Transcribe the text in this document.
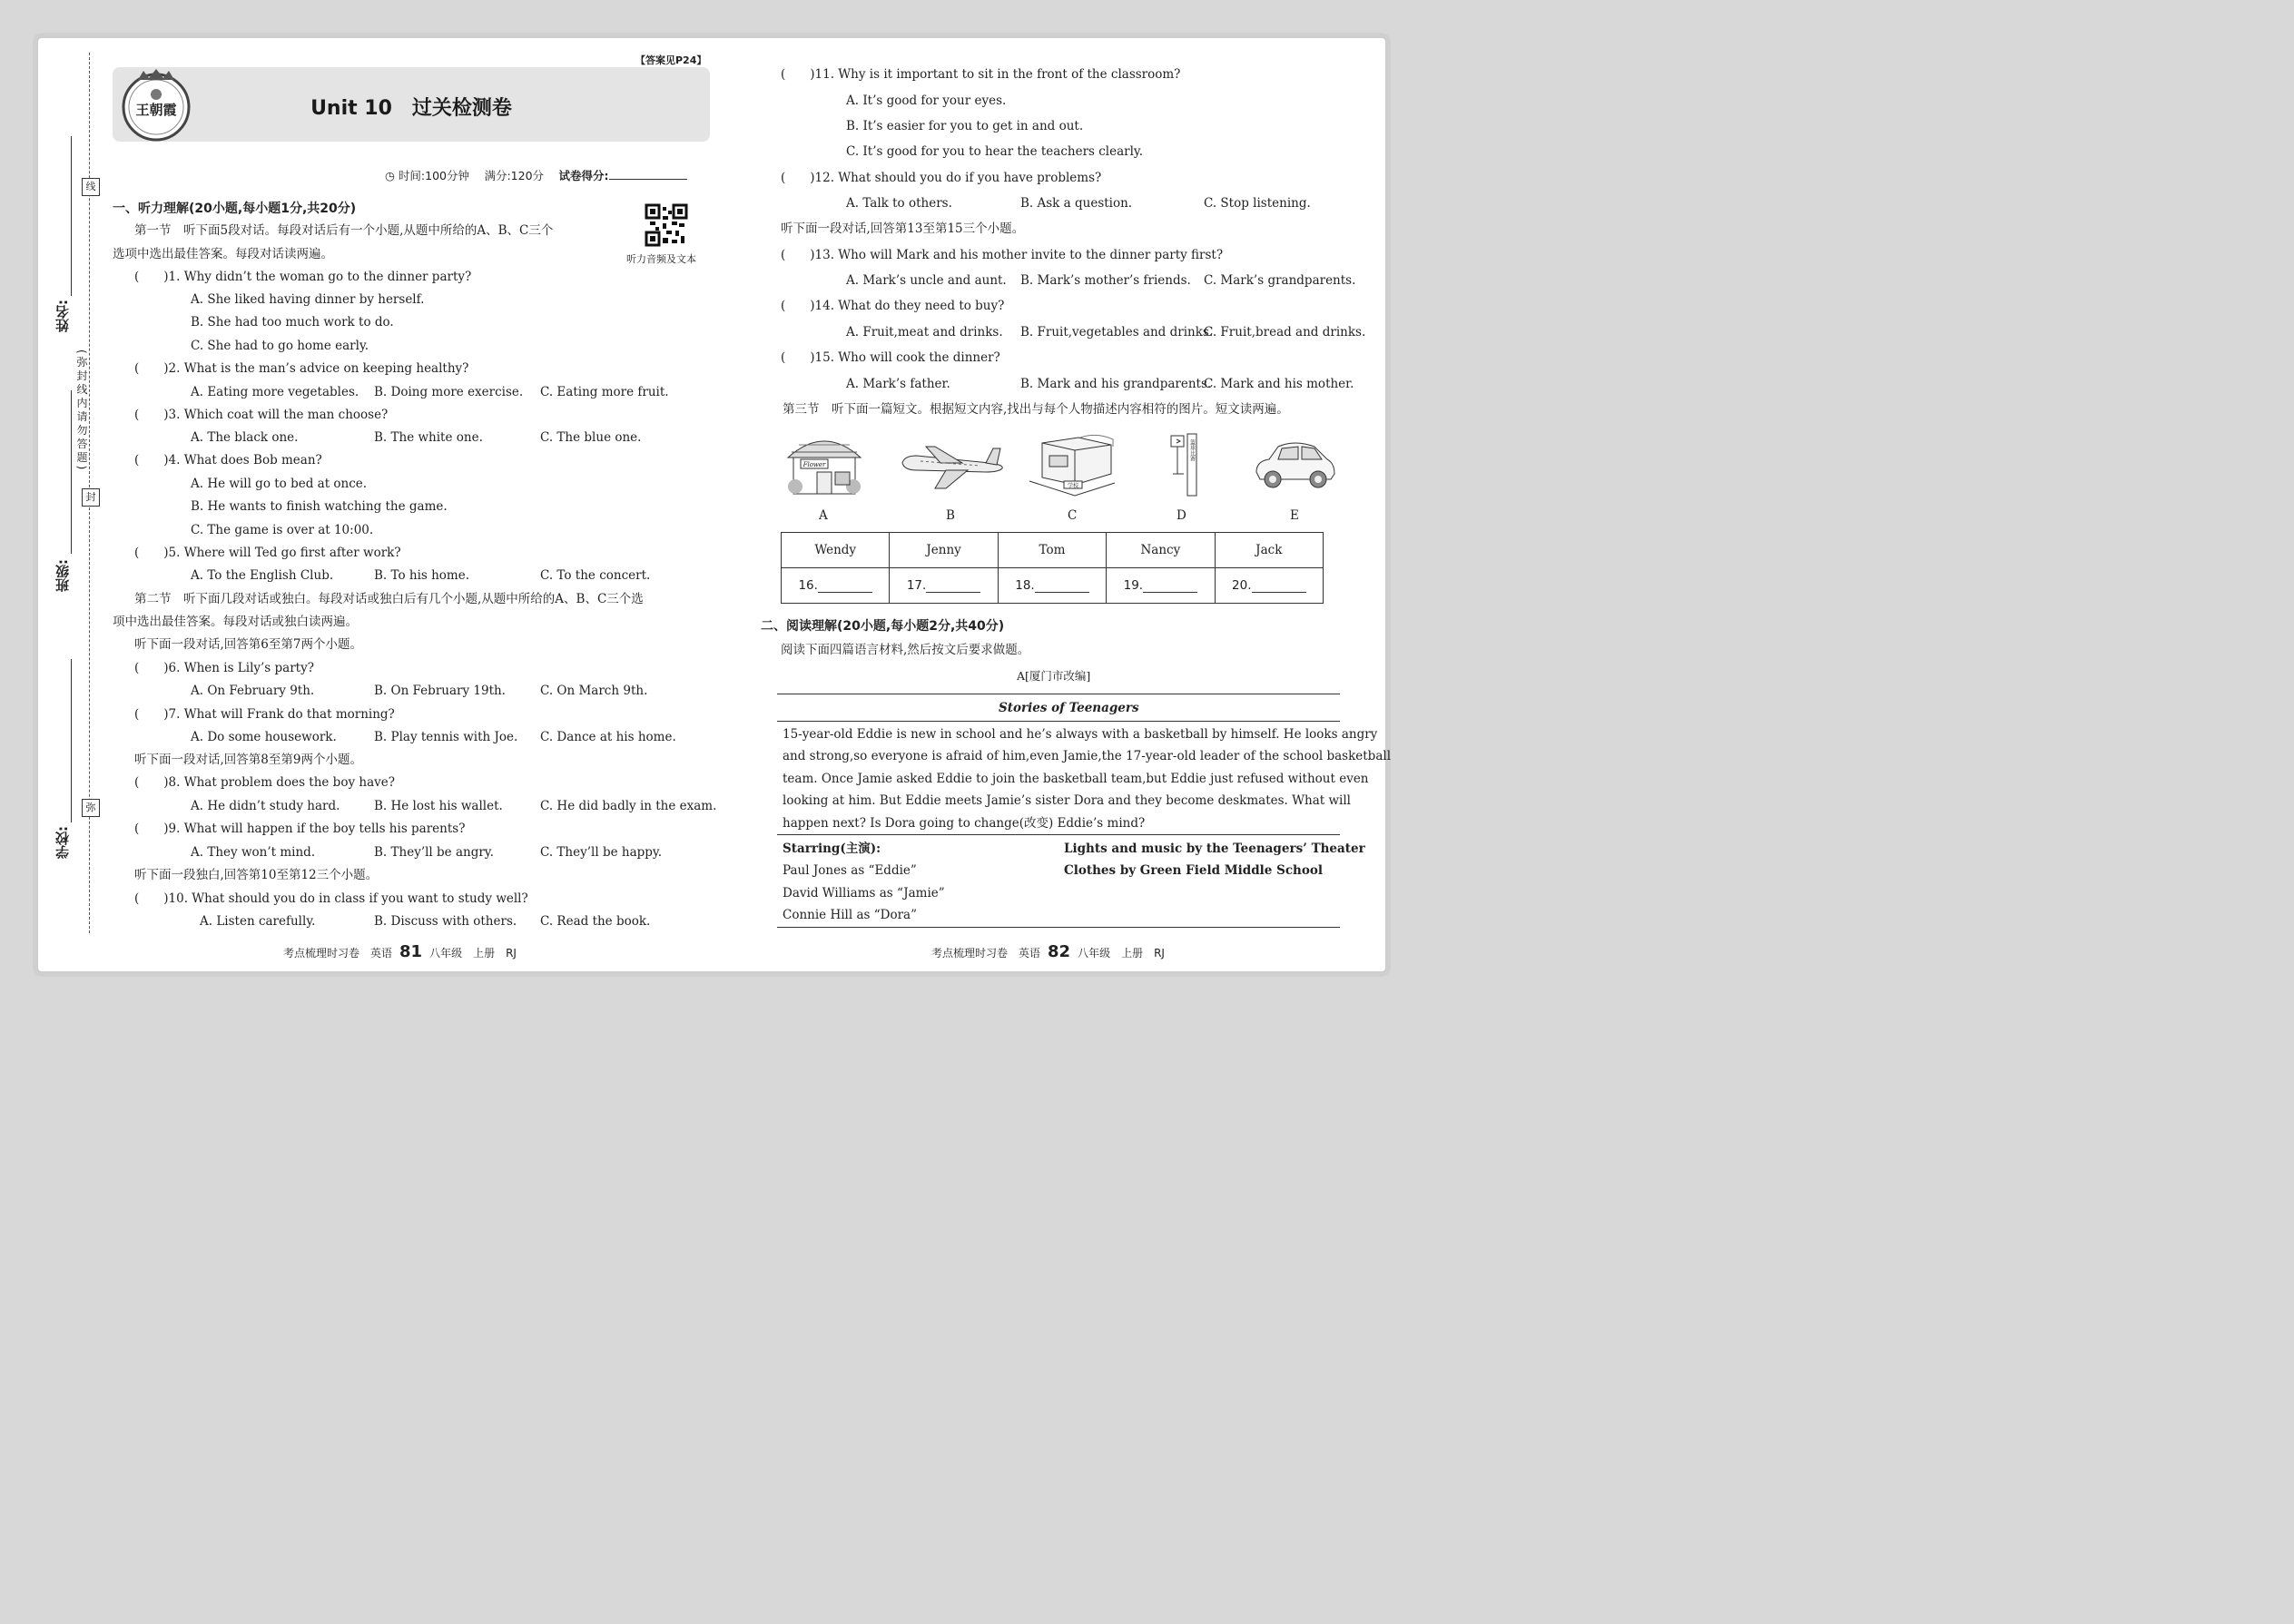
线
封
弥
(弥封线内请勿答题)
姓名:
班级:
学校:
【答案见P24】
Unit 10　过关检测卷
王朝霞
◷ 时间:100分钟　 满分:120分　 试卷得分:
听力音频及文本
一、听力理解(20小题,每小题1分,共20分)
第一节　听下面5段对话。每段对话后有一个小题,从题中所给的A、B、C三个
选项中选出最佳答案。每段对话读两遍。
(　　)1. Why didn’t the woman go to the dinner party?
A. She liked having dinner by herself.
B. She had too much work to do.
C. She had to go home early.
(　　)2. What is the man’s advice on keeping healthy?
A. Eating more vegetables. B. Doing more exercise. C. Eating more fruit.
(　　)3. Which coat will the man choose?
A. The black one.	B. The white one.	C. The blue one.
(　　)4. What does Bob mean?
A. He will go to bed at once.
B. He wants to finish watching the game.
C. The game is over at 10:00.
(　　)5. Where will Ted go first after work?
A. To the English Club.	B. To his home.	C. To the concert.
第二节　听下面几段对话或独白。每段对话或独白后有几个小题,从题中所给的A、B、C三个选
项中选出最佳答案。每段对话或独白读两遍。
听下面一段对话,回答第6至第7两个小题。
(　　)6. When is Lily’s party?
A. On February 9th.	B. On February 19th.	C. On March 9th.
(　　)7. What will Frank do that morning?
A. Do some housework.	B. Play tennis with Joe. C. Dance at his home.
听下面一段对话,回答第8至第9两个小题。
(　　)8. What problem does the boy have?
A. He didn’t study hard.	B. He lost his wallet.	C. He did badly in the exam.
(　　)9. What will happen if the boy tells his parents?
A. They won’t mind.	B. They’ll be angry.	C. They’ll be happy.
听下面一段独白,回答第10至第12三个小题。
(　　)10. What should you do in class if you want to study well?
A. Listen carefully.	B. Discuss with others. C. Read the book.
(　　)11. Why is it important to sit in the front of the classroom?
A. It’s good for your eyes.
B. It’s easier for you to get in and out.
C. It’s good for you to hear the teachers clearly.
(　　)12. What should you do if you have problems?
A. Talk to others.	B. Ask a question.	C. Stop listening.
听下面一段对话,回答第13至第15三个小题。
(　　)13. Who will Mark and his mother invite to the dinner party first?
A. Mark’s uncle and aunt. B. Mark’s mother’s friends. C. Mark’s grandparents.
(　　)14. What do they need to buy?
A. Fruit,meat and drinks. B. Fruit,vegetables and drinks.
C. Fruit,bread and drinks.
(　　)15. Who will cook the dinner?
A. Mark’s father.	B. Mark and his grandparents.
C. Mark and his mother.
第三节　听下面一篇短文。根据短文内容,找出与每个人物描述内容相符的图片。短文读两遍。
Flower
学校
篮球比赛
A	B	C	D	E
Wendy	Jenny	Tom	Nancy	Jack
16.	17.	18.	19.	20.
二、阅读理解(20小题,每小题2分,共40分)
阅读下面四篇语言材料,然后按文后要求做题。
A[厦门市改编]
Stories of Teenagers
15-year-old Eddie is new in school and he’s always with a basketball by himself. He looks angry
and strong,so everyone is afraid of him,even Jamie,the 17-year-old leader of the school basketball
team. Once Jamie asked Eddie to join the basketball team,but Eddie just refused without even
looking at him. But Eddie meets Jamie’s sister Dora and they become deskmates. What will
happen next? Is Dora going to change(改变) Eddie’s mind?
Starring(主演):
Paul Jones as “Eddie”
David Williams as “Jamie”
Connie Hill as “Dora”
Lights and music by the Teenagers’ Theater
Clothes by Green Field Middle School
考点梳理时习卷　英语 81 八年级　上册　RJ	考点梳理时习卷　英语 82 八年级　上册　RJ
